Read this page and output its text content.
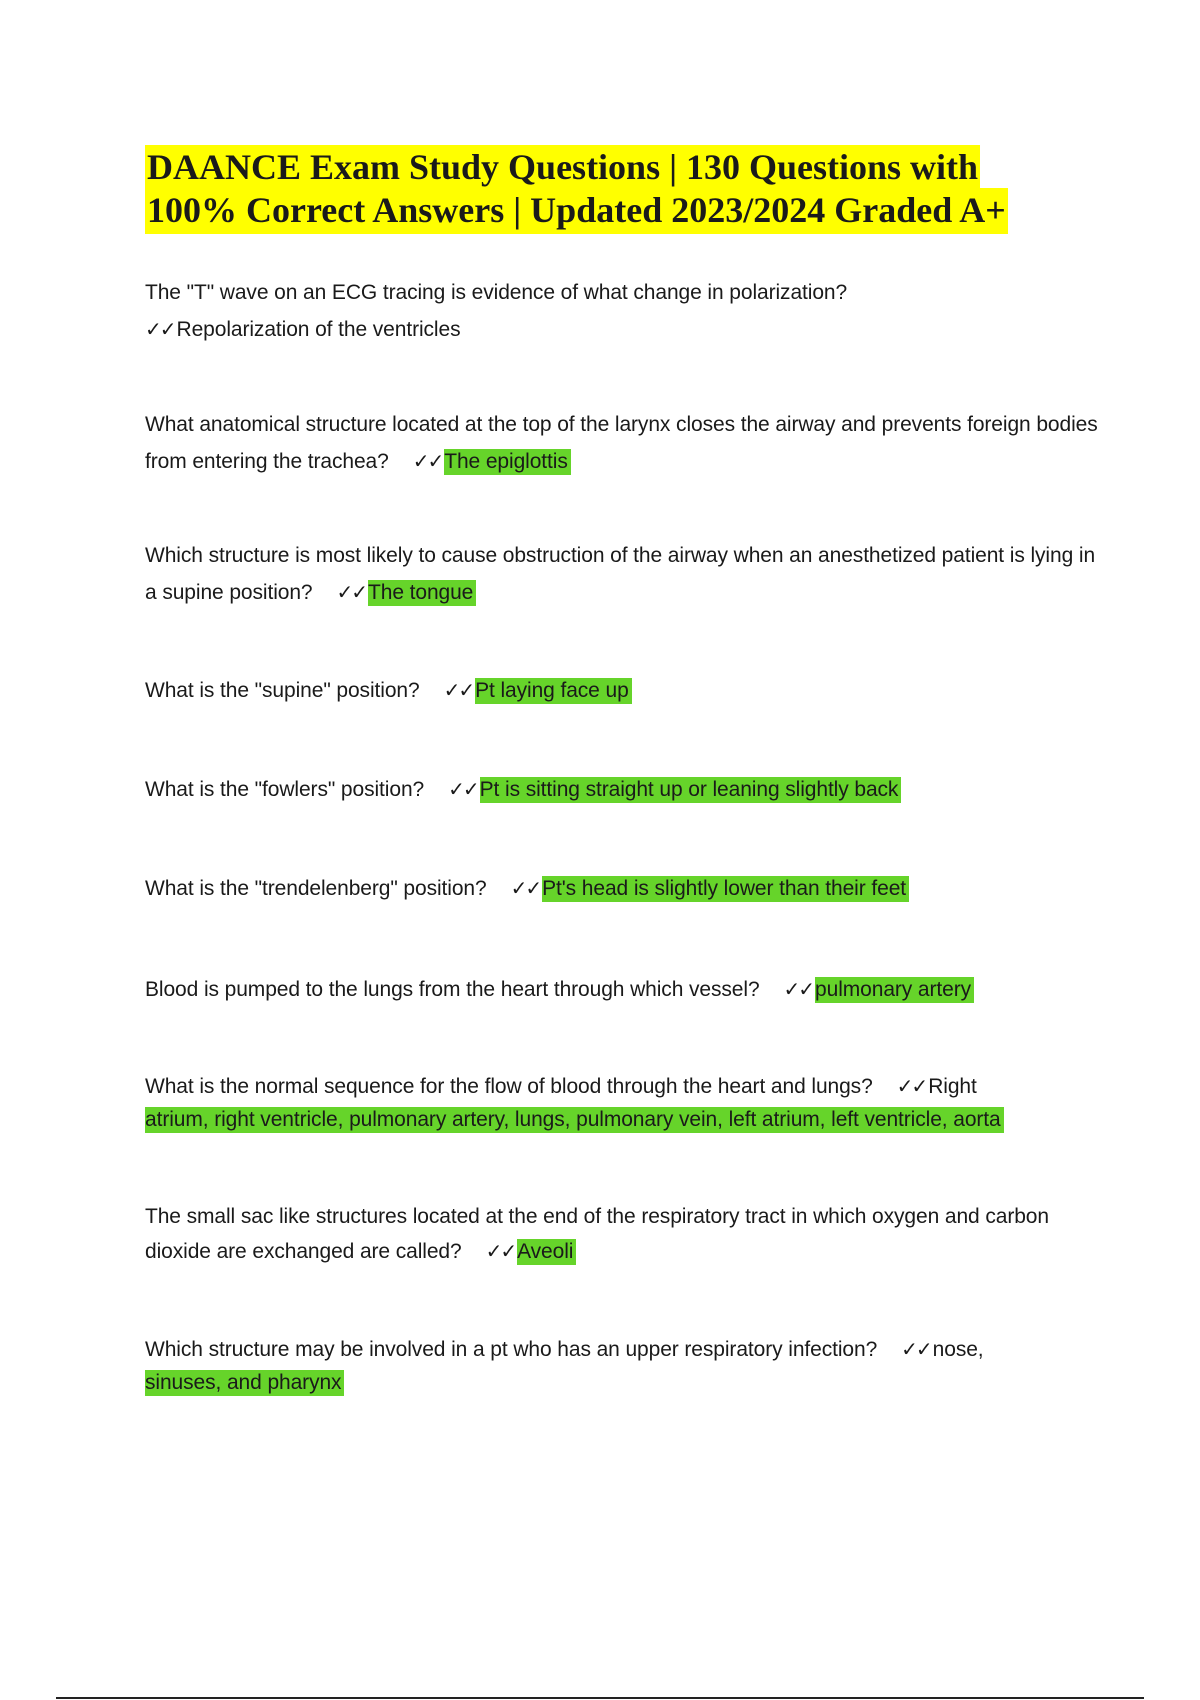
DAANCE Exam Study Questions | 130 Questions with
100% Correct Answers | Updated 2023/2024 Graded A+
The "T" wave on an ECG tracing is evidence of what change in polarization?
✓✓Repolarization of the ventricles
What anatomical structure located at the top of the larynx closes the airway and prevents foreign bodies from entering the trachea? ✓✓The epiglottis
Which structure is most likely to cause obstruction of the airway when an anesthetized patient is lying in a supine position? ✓✓The tongue
What is the "supine" position? ✓✓Pt laying face up
What is the "fowlers" position? ✓✓Pt is sitting straight up or leaning slightly back
What is the "trendelenberg" position? ✓✓Pt's head is slightly lower than their feet
Blood is pumped to the lungs from the heart through which vessel? ✓✓pulmonary artery
What is the normal sequence for the flow of blood through the heart and lungs? ✓✓Right
atrium, right ventricle, pulmonary artery, lungs, pulmonary vein, left atrium, left ventricle, aorta
The small sac like structures located at the end of the respiratory tract in which oxygen and carbon dioxide are exchanged are called? ✓✓Aveoli
Which structure may be involved in a pt who has an upper respiratory infection? ✓✓nose,
sinuses, and pharynx
